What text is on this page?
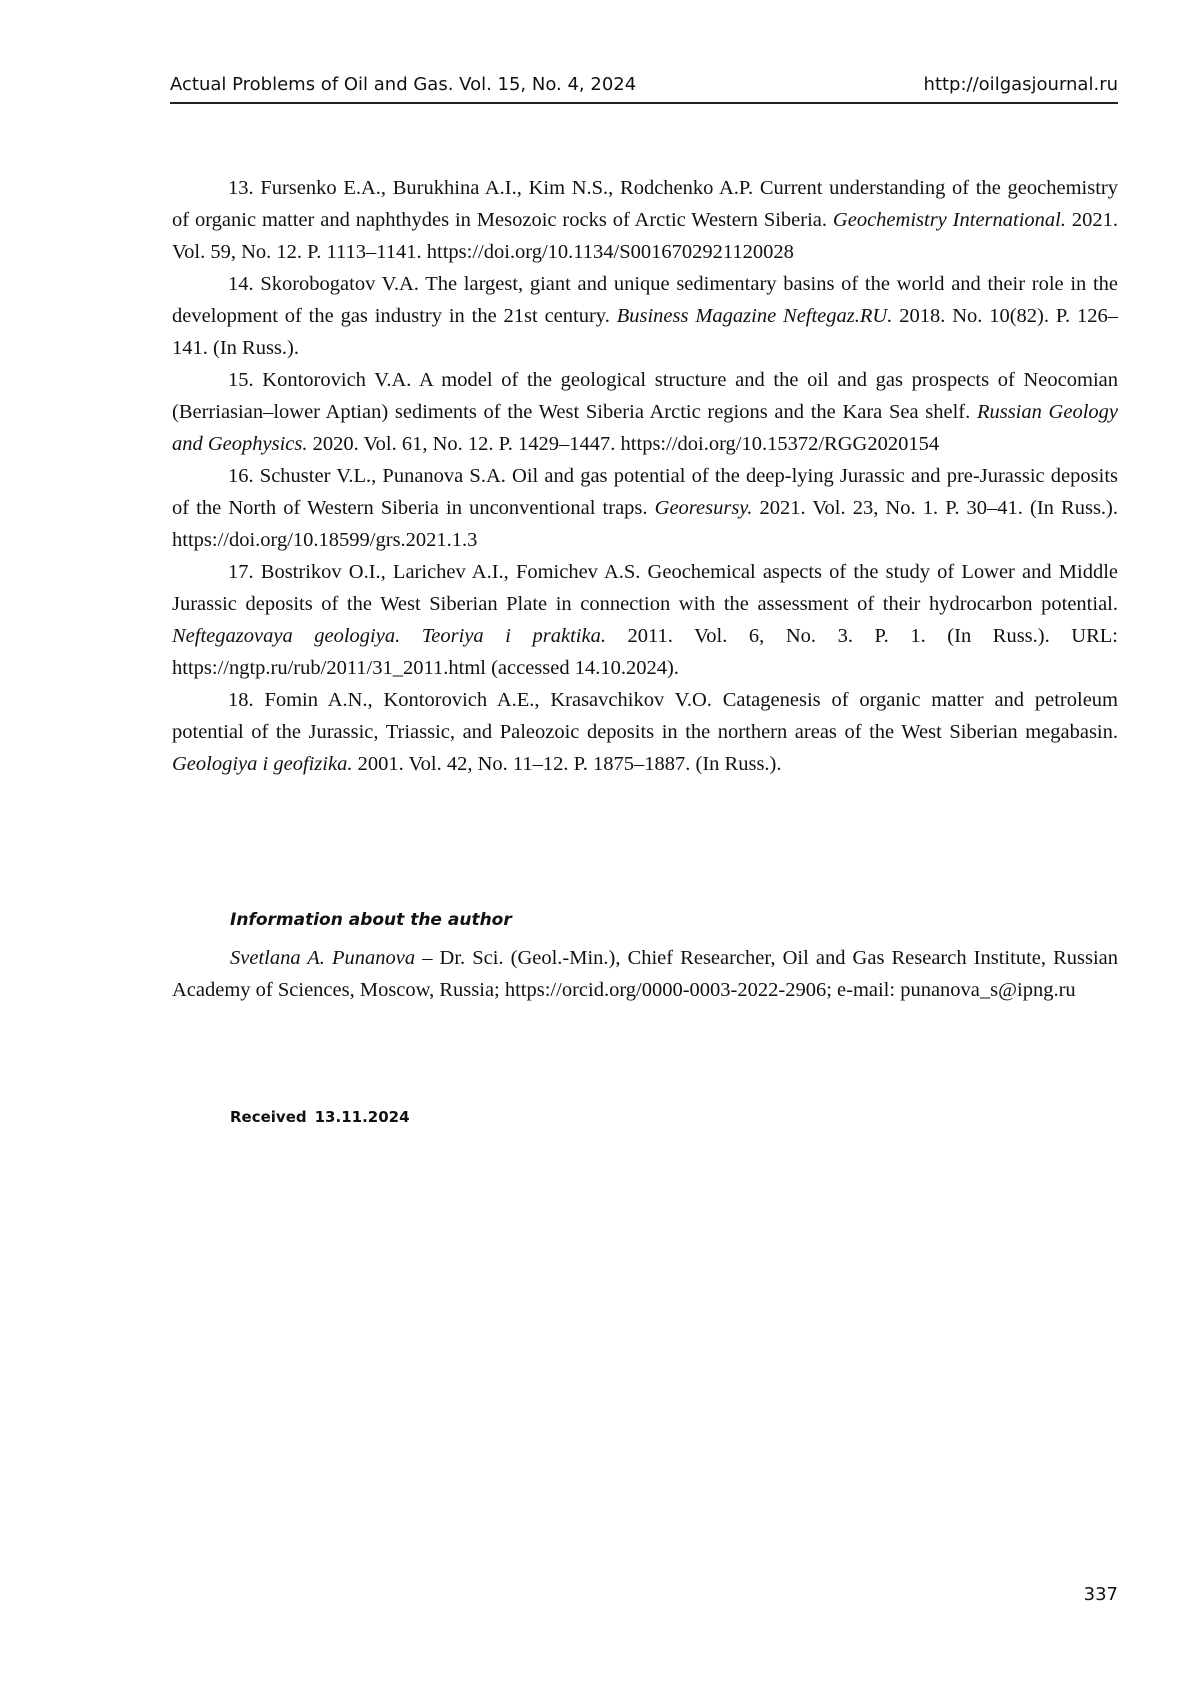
Actual Problems of Oil and Gas. Vol. 15, No. 4, 2024	http://oilgasjournal.ru

13. Fursenko E.A., Burukhina A.I., Kim N.S., Rodchenko A.P. Current understanding of the geochemistry of organic matter and naphthydes in Mesozoic rocks of Arctic Western Siberia. Geochemistry International. 2021. Vol. 59, No. 12. P. 1113–1141. https://doi.org/10.1134/S0016702921120028

14. Skorobogatov V.A. The largest, giant and unique sedimentary basins of the world and their role in the development of the gas industry in the 21st century. Business Magazine Neftegaz.RU. 2018. No. 10(82). P. 126–141. (In Russ.).

15. Kontorovich V.A. A model of the geological structure and the oil and gas prospects of Neocomian (Berriasian–lower Aptian) sediments of the West Siberia Arctic regions and the Kara Sea shelf. Russian Geology and Geophysics. 2020. Vol. 61, No. 12. P. 1429–1447. https://doi.org/10.15372/RGG2020154

16. Schuster V.L., Punanova S.A. Oil and gas potential of the deep-lying Jurassic and pre-Jurassic deposits of the North of Western Siberia in unconventional traps. Georesursy. 2021. Vol. 23, No. 1. P. 30–41. (In Russ.). https://doi.org/10.18599/grs.2021.1.3

17. Bostrikov O.I., Larichev A.I., Fomichev A.S. Geochemical aspects of the study of Lower and Middle Jurassic deposits of the West Siberian Plate in connection with the assessment of their hydrocarbon potential. Neftegazovaya geologiya. Teoriya i praktika. 2011. Vol. 6, No. 3. P. 1. (In Russ.). URL: https://ngtp.ru/rub/2011/31_2011.html (accessed 14.10.2024).

18. Fomin A.N., Kontorovich A.E., Krasavchikov V.O. Catagenesis of organic matter and petroleum potential of the Jurassic, Triassic, and Paleozoic deposits in the northern areas of the West Siberian megabasin. Geologiya i geofizika. 2001. Vol. 42, No. 11–12. P. 1875–1887. (In Russ.).

Information about the author

Svetlana A. Punanova – Dr. Sci. (Geol.-Min.), Chief Researcher, Oil and Gas Research Institute, Russian Academy of Sciences, Moscow, Russia; https://orcid.org/0000-0003-2022-2906; e-mail: punanova_s@ipng.ru

Received 13.11.2024
337
